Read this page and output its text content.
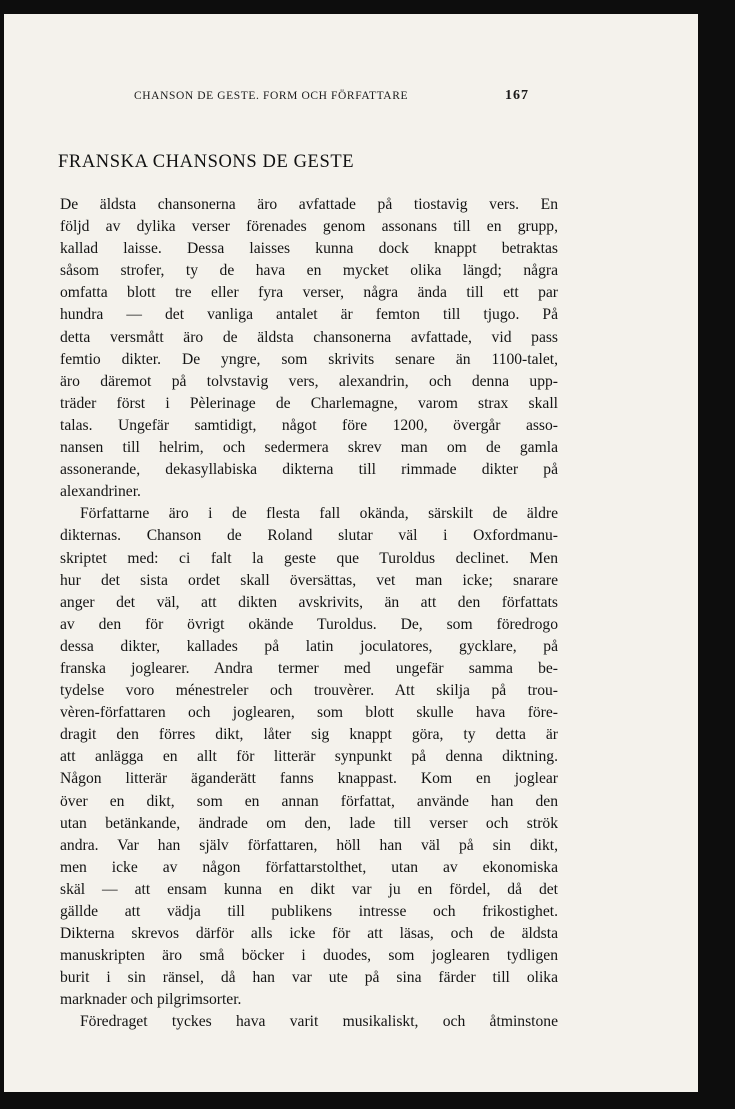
CHANSON DE GESTE. FORM OCH FÖRFATTARE	167
FRANSKA CHANSONS DE GESTE
De äldsta chansonerna äro avfattade på tiostavig vers. En
följd av dylika verser förenades genom assonans till en grupp,
kallad laisse. Dessa laisses kunna dock knappt betraktas
såsom strofer, ty de hava en mycket olika längd; några
omfatta blott tre eller fyra verser, några ända till ett par
hundra — det vanliga antalet är femton till tjugo. På
detta versmått äro de äldsta chansonerna avfattade, vid pass
femtio dikter. De yngre, som skrivits senare än 1100-talet,
äro däremot på tolvstavig vers, alexandrin, och denna upp-
träder först i Pèlerinage de Charlemagne, varom strax skall
talas. Ungefär samtidigt, något före 1200, övergår asso-
nansen till helrim, och sedermera skrev man om de gamla
assonerande, dekasyllabiska dikterna till rimmade dikter på
alexandriner.
Författarne äro i de flesta fall okända, särskilt de äldre
dikternas. Chanson de Roland slutar väl i Oxfordmanu-
skriptet med: ci falt la geste que Turoldus declinet. Men
hur det sista ordet skall översättas, vet man icke; snarare
anger det väl, att dikten avskrivits, än att den författats
av den för övrigt okände Turoldus. De, som föredrogo
dessa dikter, kallades på latin joculatores, gycklare, på
franska joglearer. Andra termer med ungefär samma be-
tydelse voro ménestreler och trouvèrer. Att skilja på trou-
vèren-författaren och joglearen, som blott skulle hava före-
dragit den förres dikt, låter sig knappt göra, ty detta är
att anlägga en allt för litterär synpunkt på denna diktning.
Någon litterär äganderätt fanns knappast. Kom en joglear
över en dikt, som en annan författat, använde han den
utan betänkande, ändrade om den, lade till verser och strök
andra. Var han själv författaren, höll han väl på sin dikt,
men icke av någon författarstolthet, utan av ekonomiska
skäl — att ensam kunna en dikt var ju en fördel, då det
gällde att vädja till publikens intresse och frikostighet.
Dikterna skrevos därför alls icke för att läsas, och de äldsta
manuskripten äro små böcker i duodes, som joglearen tydligen
burit i sin ränsel, då han var ute på sina färder till olika
marknader och pilgrimsorter.
Föredraget tyckes hava varit musikaliskt, och åtminstone
